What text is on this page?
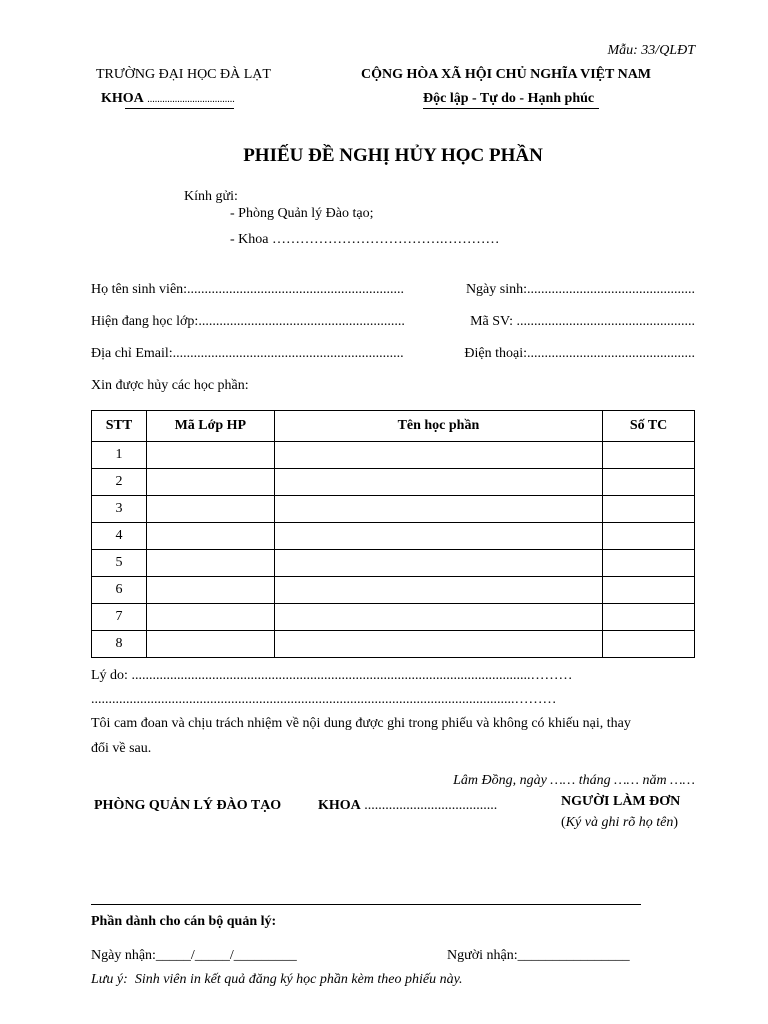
Mẫu: 33/QLĐT
TRƯỜNG ĐẠI HỌC ĐÀ LẠT
KHOA ...................................
CỘNG HÒA XÃ HỘI CHỦ NGHĨA VIỆT NAM
Độc lập - Tự do - Hạnh phúc
PHIẾU ĐỀ NGHỊ HỦY HỌC PHẦN
Kính gửi:
- Phòng Quản lý Đào tạo;
- Khoa ……………………………….…………
Họ tên sinh viên:..............................................................	Ngày sinh:................................................
Hiện đang học lớp:...........................................................	Mã SV: ...................................................
Địa chỉ Email:..................................................................	Điện thoại:................................................
Xin được hủy các học phần:
STT	Mã Lớp HP	Tên học phần	Số TC
1			
2			
3			
4			
5			
6			
7			
8			
Lý do: ..................................................................................................................………
.........................................................................................................................………
Tôi cam đoan và chịu trách nhiệm về nội dung được ghi trong phiếu và không có khiếu nại, thay
đổi về sau.
Lâm Đồng, ngày …… tháng …… năm ……
PHÒNG QUẢN LÝ ĐÀO TẠO	KHOA ......................................	NGƯỜI LÀM ĐƠN
(Ký và ghi rõ họ tên)
Phần dành cho cán bộ quản lý:
Ngày nhận:_____/_____/_________	Người nhận:________________
Lưu ý: Sinh viên in kết quả đăng ký học phần kèm theo phiếu này.
